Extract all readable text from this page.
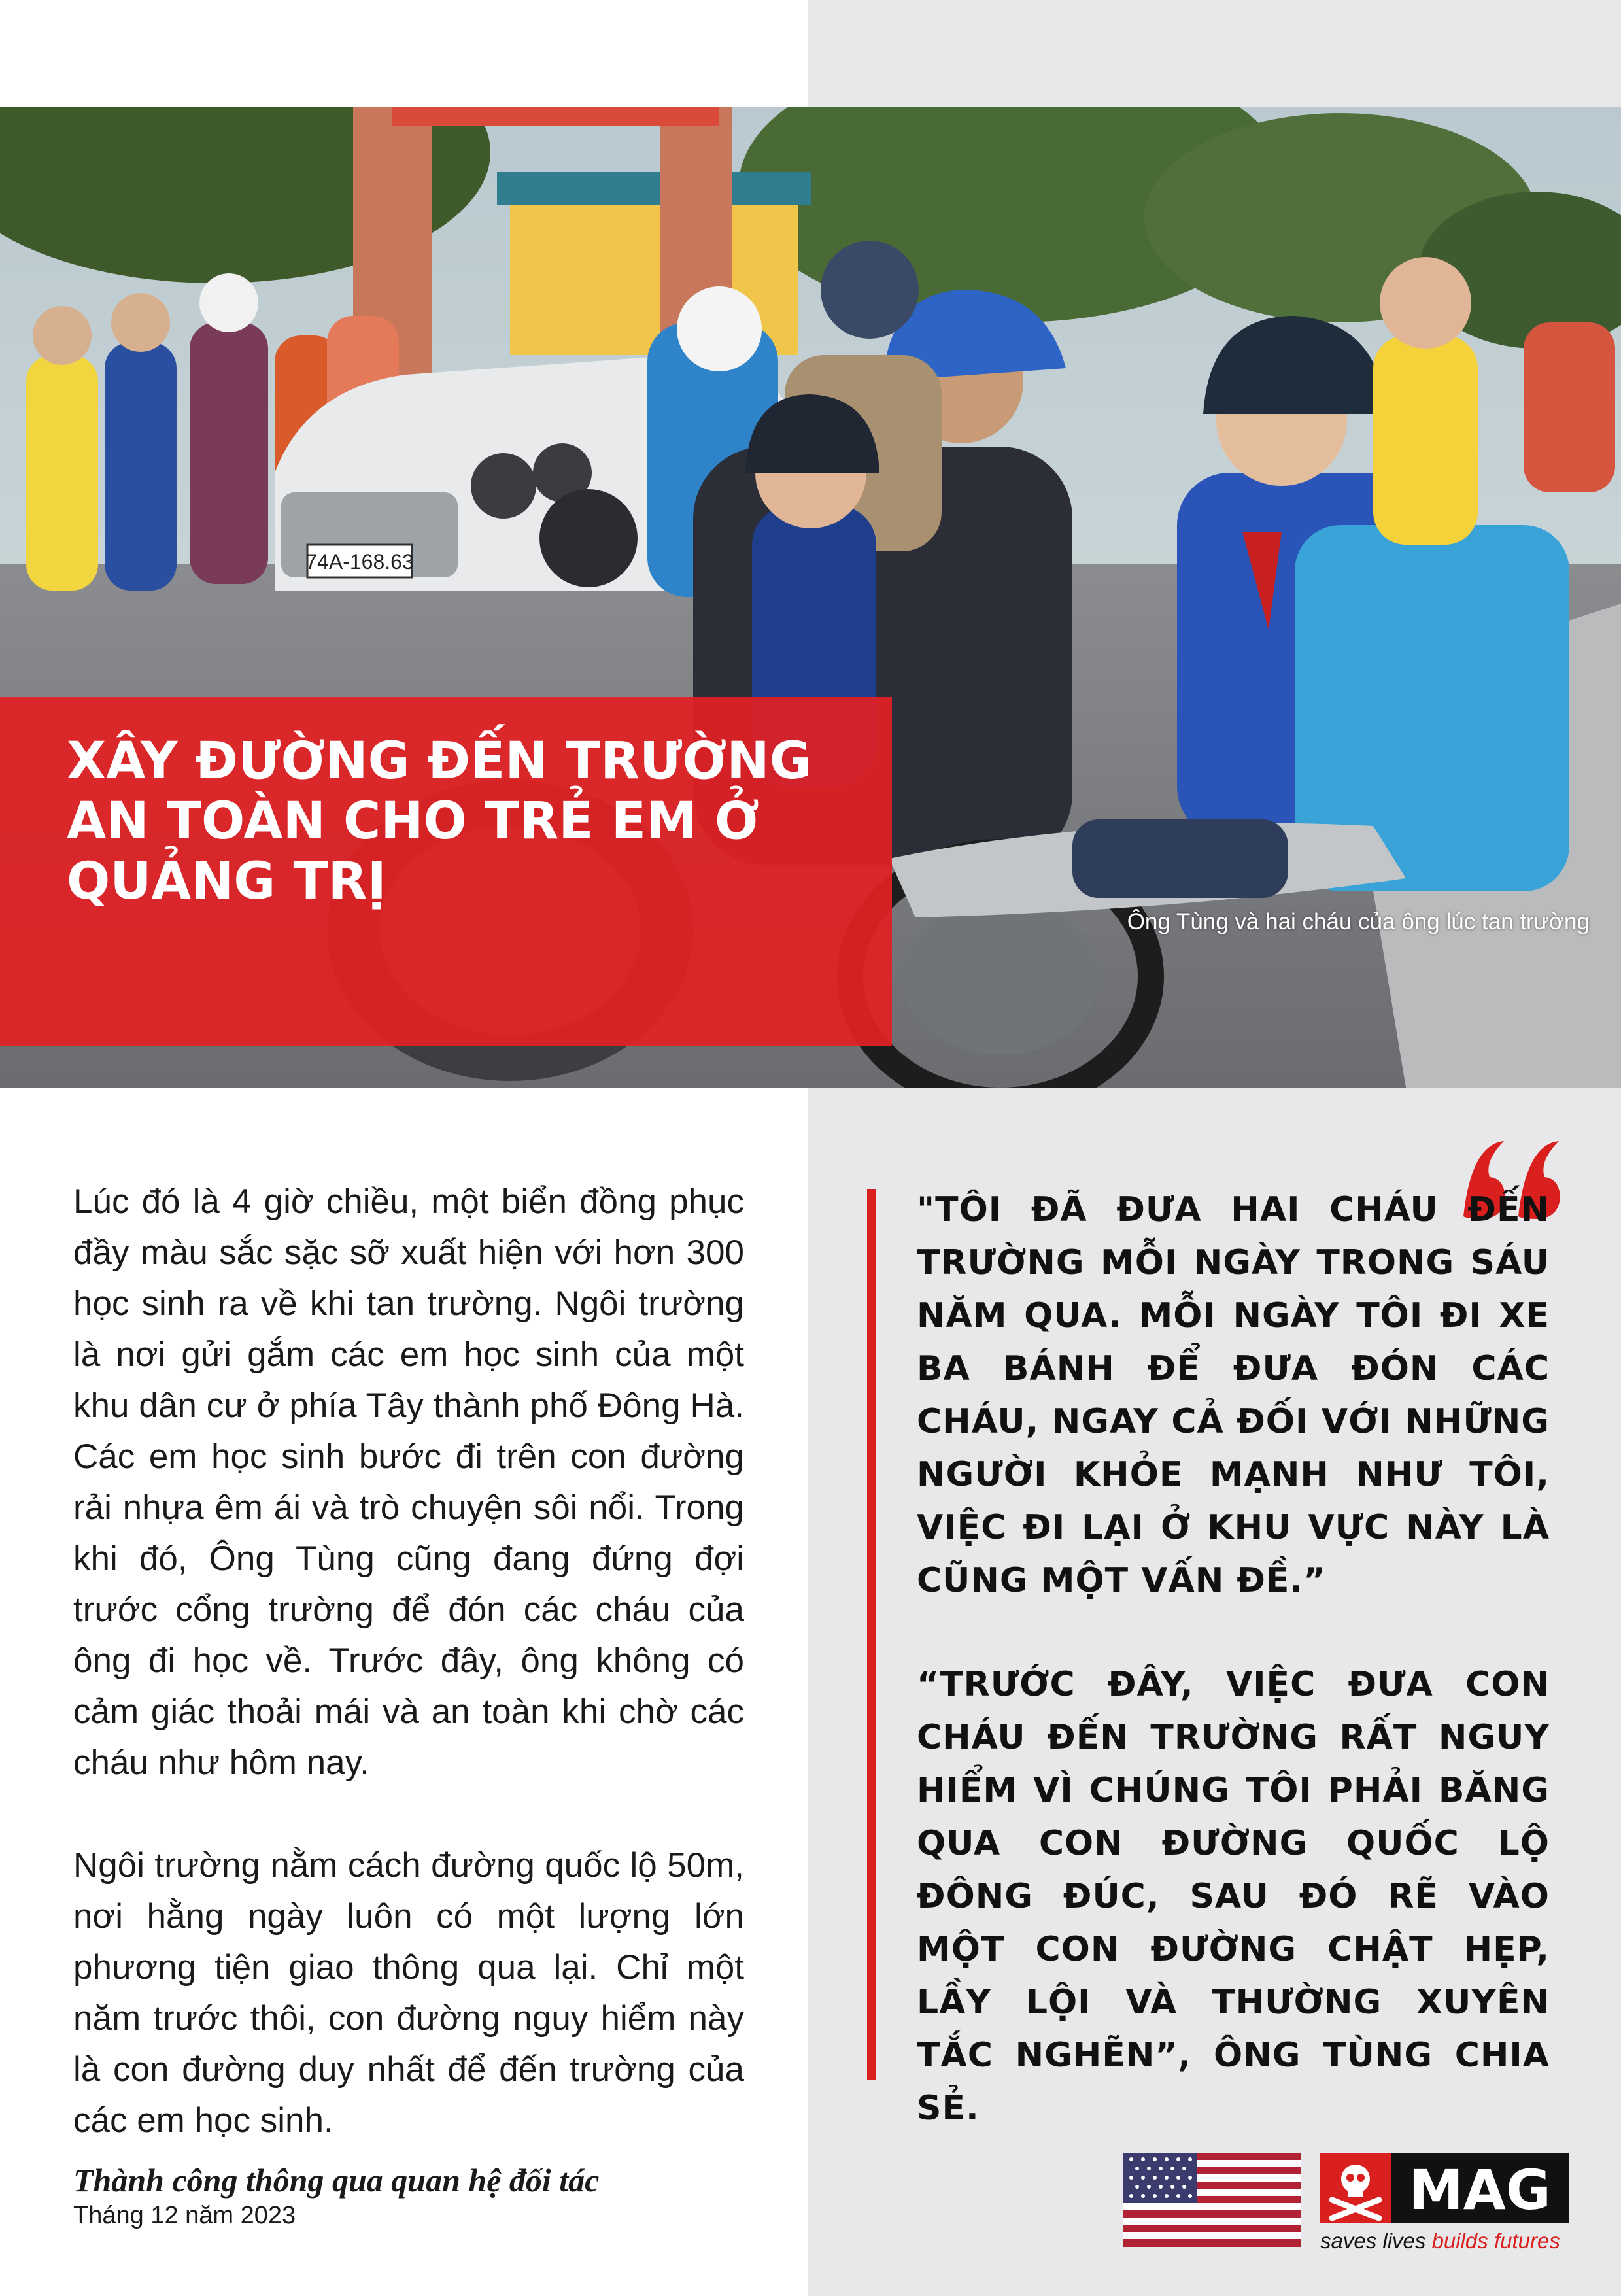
74A-168.63
XÂY ĐƯỜNG ĐẾN TRƯỜNG
AN TOÀN CHO TRẺ EM Ở
QUẢNG TRỊ
Ông Tùng và hai cháu của ông lúc tan trường

Lúc đó là 4 giờ chiều, một biển đồng phục đầy màu sắc sặc sỡ xuất hiện với hơn 300 học sinh ra về khi tan trường. Ngôi trường là nơi gửi gắm các em học sinh của một khu dân cư ở phía Tây thành phố Đông Hà. Các em học sinh bước đi trên con đường rải nhựa êm ái và trò chuyện sôi nổi. Trong khi đó, Ông Tùng cũng đang đứng đợi trước cổng trường để đón các cháu của ông đi học về. Trước đây, ông không có cảm giác thoải mái và an toàn khi chờ các cháu như hôm nay.

Ngôi trường nằm cách đường quốc lộ 50m, nơi hằng ngày luôn có một lượng lớn phương tiện giao thông qua lại. Chỉ một năm trước thôi, con đường nguy hiểm này là con đường duy nhất để đến trường của các em học sinh.

Thành công thông qua quan hệ đối tác

Tháng 12 năm 2023

"TÔI ĐÃ ĐƯA HAI CHÁU ĐẾN TRƯỜNG MỖI NGÀY TRONG SÁU NĂM QUA. MỖI NGÀY TÔI ĐI XE BA BÁNH ĐỂ ĐƯA ĐÓN CÁC CHÁU, NGAY CẢ ĐỐI VỚI NHỮNG NGƯỜI KHỎE MẠNH NHƯ TÔI, VIỆC ĐI LẠI Ở KHU VỰC NÀY LÀ CŨNG MỘT VẤN ĐỀ.”

“TRƯỚC ĐÂY, VIỆC ĐƯA CON CHÁU ĐẾN TRƯỜNG RẤT NGUY HIỂM VÌ CHÚNG TÔI PHẢI BĂNG QUA CON ĐƯỜNG QUỐC LỘ ĐÔNG ĐÚC, SAU ĐÓ RẼ VÀO MỘT CON ĐƯỜNG CHẬT HẸP, LẦY LỘI VÀ THƯỜNG XUYÊN TẮC NGHẼN”, ÔNG TÙNG CHIA SẺ.

MAG
saves lives builds futures
